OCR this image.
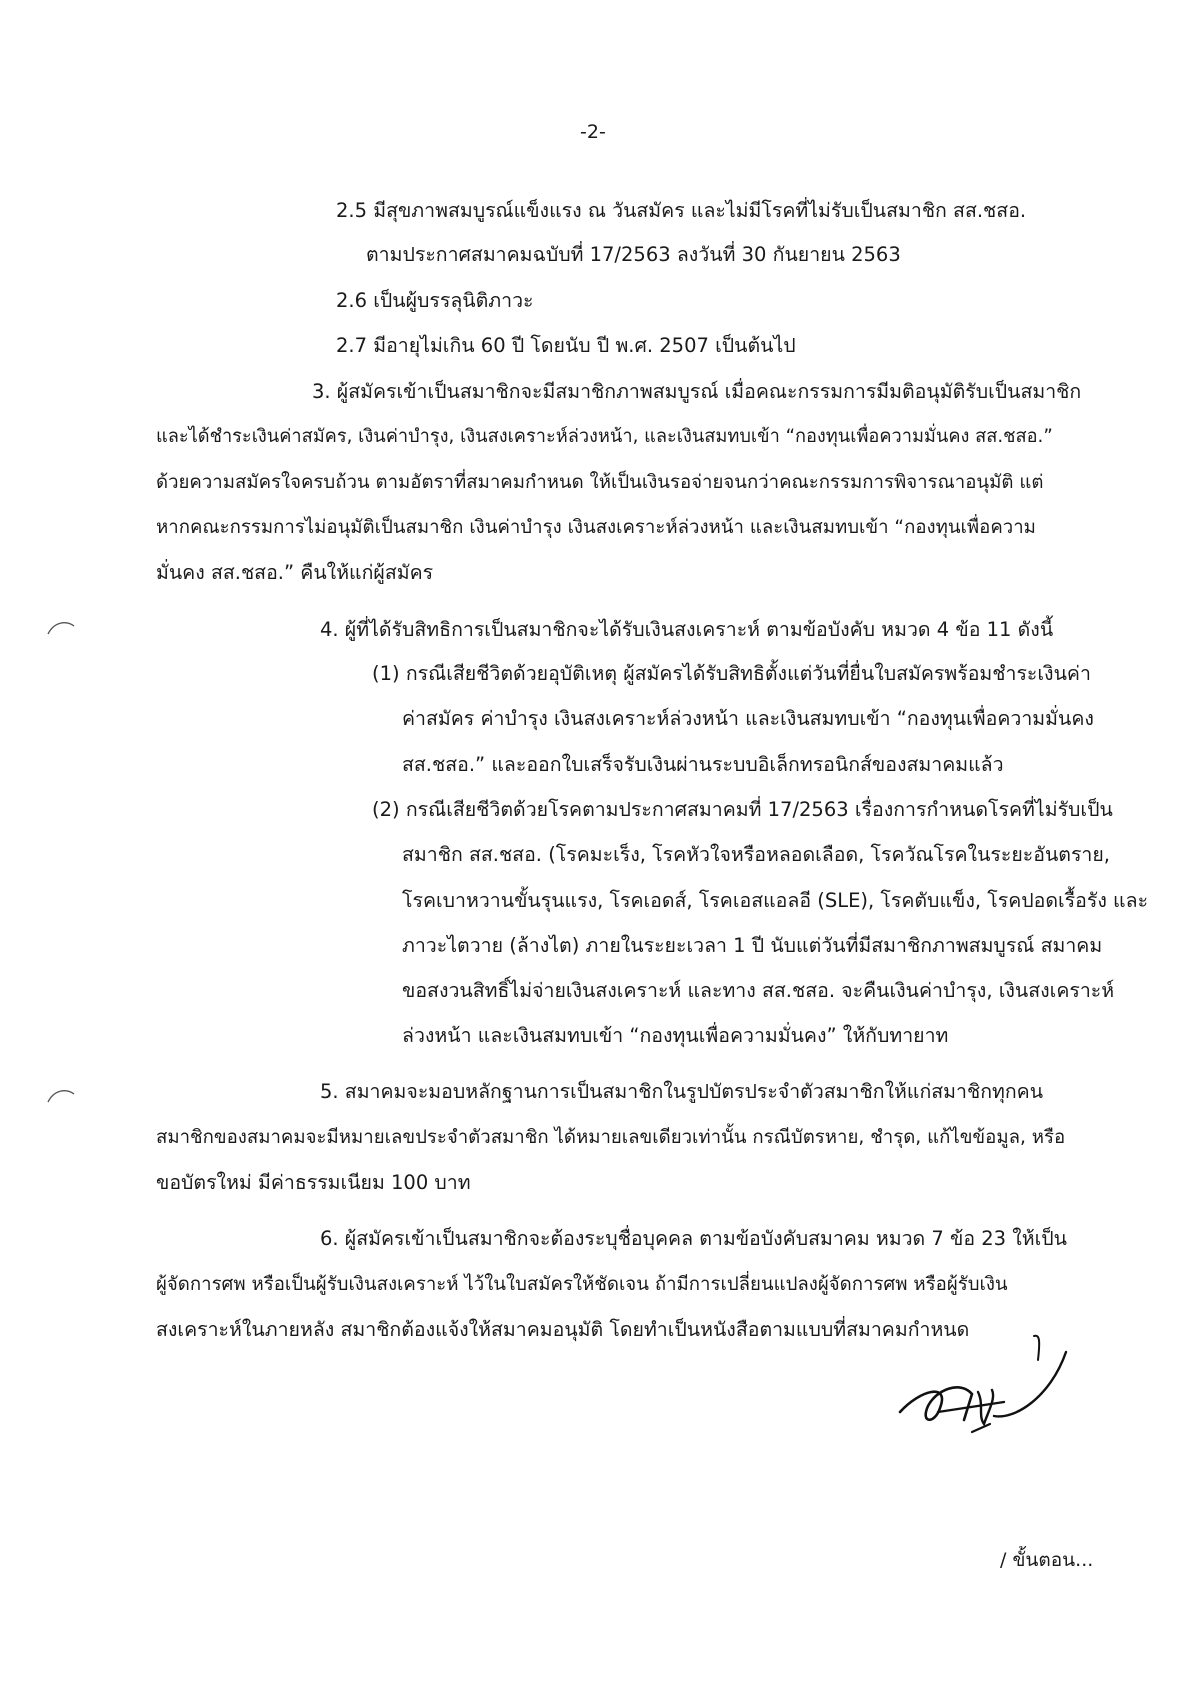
-2-
2.5 มีสุขภาพสมบูรณ์แข็งแรง ณ วันสมัคร และไม่มีโรคที่ไม่รับเป็นสมาชิก สส.ชสอ.
ตามประกาศสมาคมฉบับที่ 17/2563 ลงวันที่ 30 กันยายน 2563
2.6 เป็นผู้บรรลุนิติภาวะ
2.7 มีอายุไม่เกิน 60 ปี โดยนับ ปี พ.ศ. 2507 เป็นต้นไป
3. ผู้สมัครเข้าเป็นสมาชิกจะมีสมาชิกภาพสมบูรณ์ เมื่อคณะกรรมการมีมติอนุมัติรับเป็นสมาชิก
และได้ชำระเงินค่าสมัคร, เงินค่าบำรุง, เงินสงเคราะห์ล่วงหน้า, และเงินสมทบเข้า “กองทุนเพื่อความมั่นคง สส.ชสอ.”
ด้วยความสมัครใจครบถ้วน ตามอัตราที่สมาคมกำหนด ให้เป็นเงินรอจ่ายจนกว่าคณะกรรมการพิจารณาอนุมัติ แต่
หากคณะกรรมการไม่อนุมัติเป็นสมาชิก เงินค่าบำรุง เงินสงเคราะห์ล่วงหน้า และเงินสมทบเข้า “กองทุนเพื่อความ
มั่นคง สส.ชสอ.” คืนให้แก่ผู้สมัคร
4. ผู้ที่ได้รับสิทธิการเป็นสมาชิกจะได้รับเงินสงเคราะห์ ตามข้อบังคับ หมวด 4 ข้อ 11 ดังนี้
(1) กรณีเสียชีวิตด้วยอุบัติเหตุ ผู้สมัครได้รับสิทธิตั้งแต่วันที่ยื่นใบสมัครพร้อมชำระเงินค่า
ค่าสมัคร ค่าบำรุง เงินสงเคราะห์ล่วงหน้า และเงินสมทบเข้า “กองทุนเพื่อความมั่นคง
สส.ชสอ.” และออกใบเสร็จรับเงินผ่านระบบอิเล็กทรอนิกส์ของสมาคมแล้ว
(2) กรณีเสียชีวิตด้วยโรคตามประกาศสมาคมที่ 17/2563 เรื่องการกำหนดโรคที่ไม่รับเป็น
สมาชิก สส.ชสอ. (โรคมะเร็ง, โรคหัวใจหรือหลอดเลือด, โรควัณโรคในระยะอันตราย,
โรคเบาหวานขั้นรุนแรง, โรคเอดส์, โรคเอสแอลอี (SLE), โรคตับแข็ง, โรคปอดเรื้อรัง และ
ภาวะไตวาย (ล้างไต) ภายในระยะเวลา 1 ปี นับแต่วันที่มีสมาชิกภาพสมบูรณ์ สมาคม
ขอสงวนสิทธิ์ไม่จ่ายเงินสงเคราะห์ และทาง สส.ชสอ. จะคืนเงินค่าบำรุง, เงินสงเคราะห์
ล่วงหน้า และเงินสมทบเข้า “กองทุนเพื่อความมั่นคง” ให้กับทายาท
5. สมาคมจะมอบหลักฐานการเป็นสมาชิกในรูปบัตรประจำตัวสมาชิกให้แก่สมาชิกทุกคน
สมาชิกของสมาคมจะมีหมายเลขประจำตัวสมาชิก ได้หมายเลขเดียวเท่านั้น กรณีบัตรหาย, ชำรุด, แก้ไขข้อมูล, หรือ
ขอบัตรใหม่ มีค่าธรรมเนียม 100 บาท
6. ผู้สมัครเข้าเป็นสมาชิกจะต้องระบุชื่อบุคคล ตามข้อบังคับสมาคม หมวด 7 ข้อ 23 ให้เป็น
ผู้จัดการศพ หรือเป็นผู้รับเงินสงเคราะห์ ไว้ในใบสมัครให้ชัดเจน ถ้ามีการเปลี่ยนแปลงผู้จัดการศพ หรือผู้รับเงิน
สงเคราะห์ในภายหลัง สมาชิกต้องแจ้งให้สมาคมอนุมัติ โดยทำเป็นหนังสือตามแบบที่สมาคมกำหนด
/ ขั้นตอน...
